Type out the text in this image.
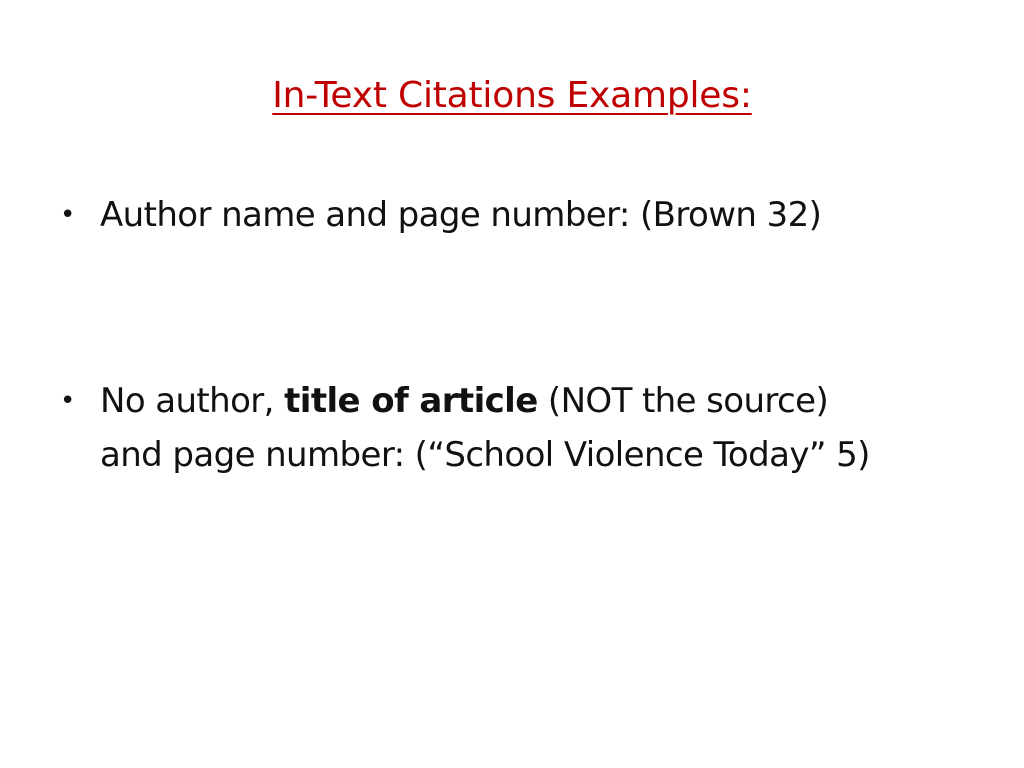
In-Text Citations Examples:
• Author name and page number: (Brown 32)
• No author, title of article (NOT the source)
and page number: (“School Violence Today” 5)
